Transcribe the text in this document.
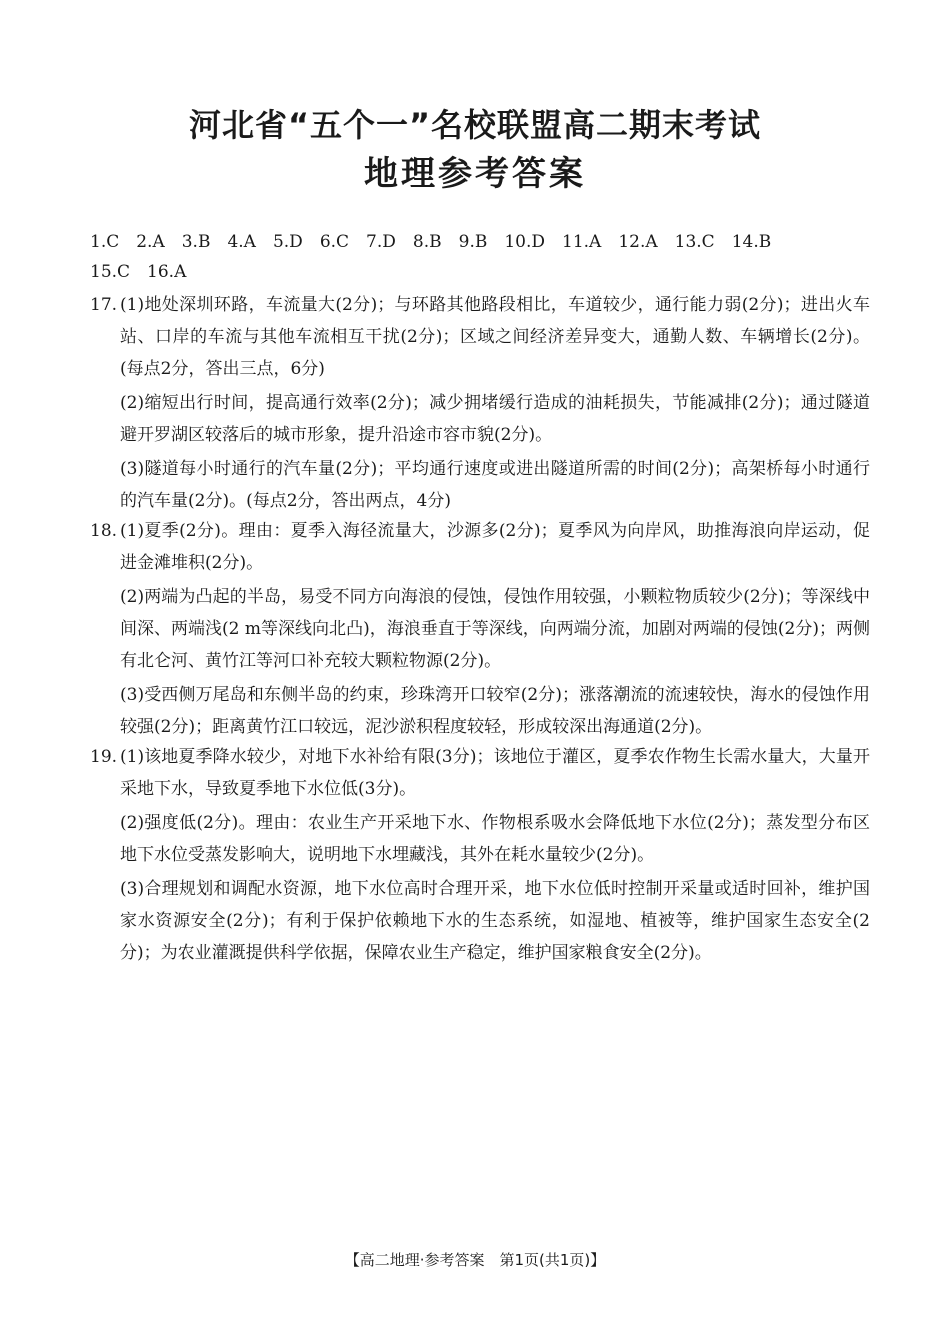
河北省“五个一”名校联盟高二期末考试
地理参考答案
1.C 2.A 3.B 4.A 5.D 6.C 7.D 8.B 9.B 10.D 11.A 12.A 13.C 14.B
15.C 16.A
17. (1)地处深圳环路，车流量大(2分)；与环路其他路段相比，车道较少，通行能力弱(2分)；进出火车站、口岸的车流与其他车流相互干扰(2分)；区域之间经济差异变大，通勤人数、车辆增长(2分)。(每点2分，答出三点，6分)

(2)缩短出行时间，提高通行效率(2分)；减少拥堵缓行造成的油耗损失，节能减排(2分)；通过隧道避开罗湖区较落后的城市形象，提升沿途市容市貌(2分)。

(3)隧道每小时通行的汽车量(2分)；平均通行速度或进出隧道所需的时间(2分)；高架桥每小时通行的汽车量(2分)。(每点2分，答出两点，4分)

18. (1)夏季(2分)。理由：夏季入海径流量大，沙源多(2分)；夏季风为向岸风，助推海浪向岸运动，促进金滩堆积(2分)。

(2)两端为凸起的半岛，易受不同方向海浪的侵蚀，侵蚀作用较强，小颗粒物质较少(2分)；等深线中间深、两端浅(2 m等深线向北凸)，海浪垂直于等深线，向两端分流，加剧对两端的侵蚀(2分)；两侧有北仑河、黄竹江等河口补充较大颗粒物源(2分)。

(3)受西侧万尾岛和东侧半岛的约束，珍珠湾开口较窄(2分)；涨落潮流的流速较快，海水的侵蚀作用较强(2分)；距离黄竹江口较远，泥沙淤积程度较轻，形成较深出海通道(2分)。

19. (1)该地夏季降水较少，对地下水补给有限(3分)；该地位于灌区，夏季农作物生长需水量大，大量开采地下水，导致夏季地下水位低(3分)。

(2)强度低(2分)。理由：农业生产开采地下水、作物根系吸水会降低地下水位(2分)；蒸发型分布区地下水位受蒸发影响大，说明地下水埋藏浅，其外在耗水量较少(2分)。

(3)合理规划和调配水资源，地下水位高时合理开采，地下水位低时控制开采量或适时回补，维护国家水资源安全(2分)；有利于保护依赖地下水的生态系统，如湿地、植被等，维护国家生态安全(2分)；为农业灌溉提供科学依据，保障农业生产稳定，维护国家粮食安全(2分)。

【高二地理·参考答案　第1页(共1页)】
